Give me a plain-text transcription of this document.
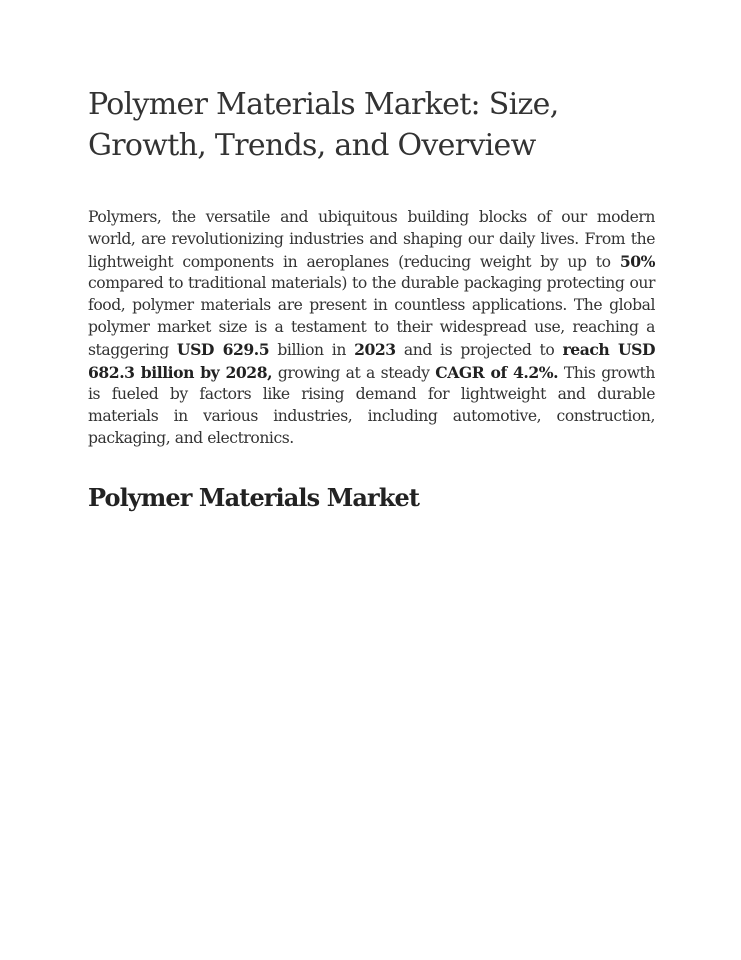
Polymer Materials Market: Size, Growth, Trends, and Overview

Polymers, the versatile and ubiquitous building blocks of our modern world, are revolutionizing industries and shaping our daily lives. From the lightweight components in aeroplanes (reducing weight by up to 50% compared to traditional materials) to the durable packaging protecting our food, polymer materials are present in countless applications. The global polymer market size is a testament to their widespread use, reaching a staggering USD 629.5 billion in 2023 and is projected to reach USD 682.3 billion by 2028, growing at a steady CAGR of 4.2%. This growth is fueled by factors like rising demand for lightweight and durable materials in various industries, including automotive, construction, packaging, and electronics.

Polymer Materials Market
